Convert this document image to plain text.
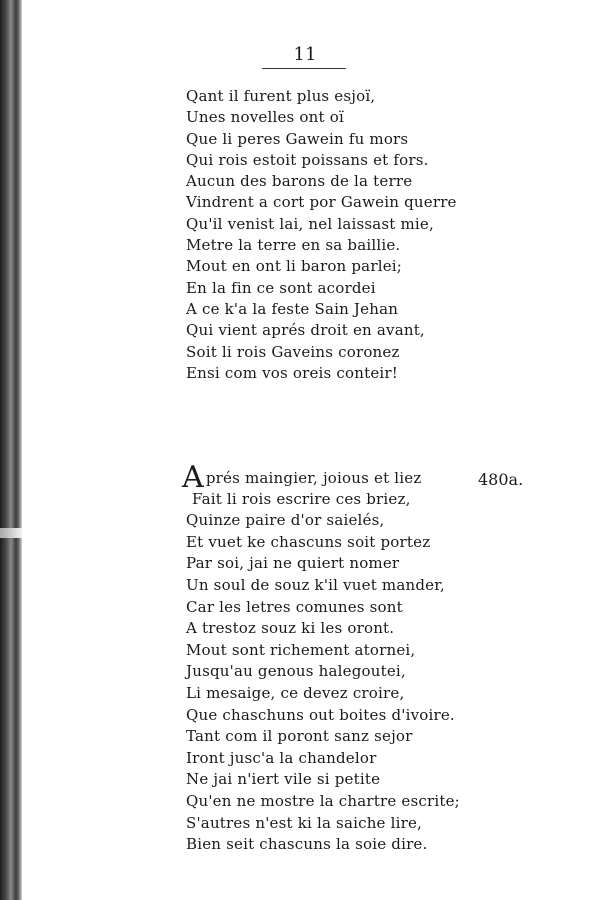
11
480a.
Qant il furent plus esjoï,
Unes novelles ont oï
Que li peres Gawein fu mors
Qui rois estoit poissans et fors.
Aucun des barons de la terre
Vindrent a cort por Gawein querre
Qu'il venist lai, nel laissast mie,
Metre la terre en sa baillie.
Mout en ont li baron parlei;
En la fin ce sont acordei
A ce k'a la feste Sain Jehan
Qui vient aprés droit en avant,
Soit li rois Gaveins coronez
Ensi com vos oreis conteir!
Aprés maingier, joious et liez
Fait li rois escrire ces briez,
Quinze paire d'or saielés,
Et vuet ke chascuns soit portez
Par soi, jai ne quiert nomer
Un soul de souz k'il vuet mander,
Car les letres comunes sont
A trestoz souz ki les oront.
Mout sont richement atornei,
Jusqu'au genous halegoutei,
Li mesaige, ce devez croire,
Que chaschuns out boites d'ivoire.
Tant com il poront sanz sejor
Iront jusc'a la chandelor
Ne jai n'iert vile si petite
Qu'en ne mostre la chartre escrite;
S'autres n'est ki la saiche lire,
Bien seit chascuns la soie dire.
